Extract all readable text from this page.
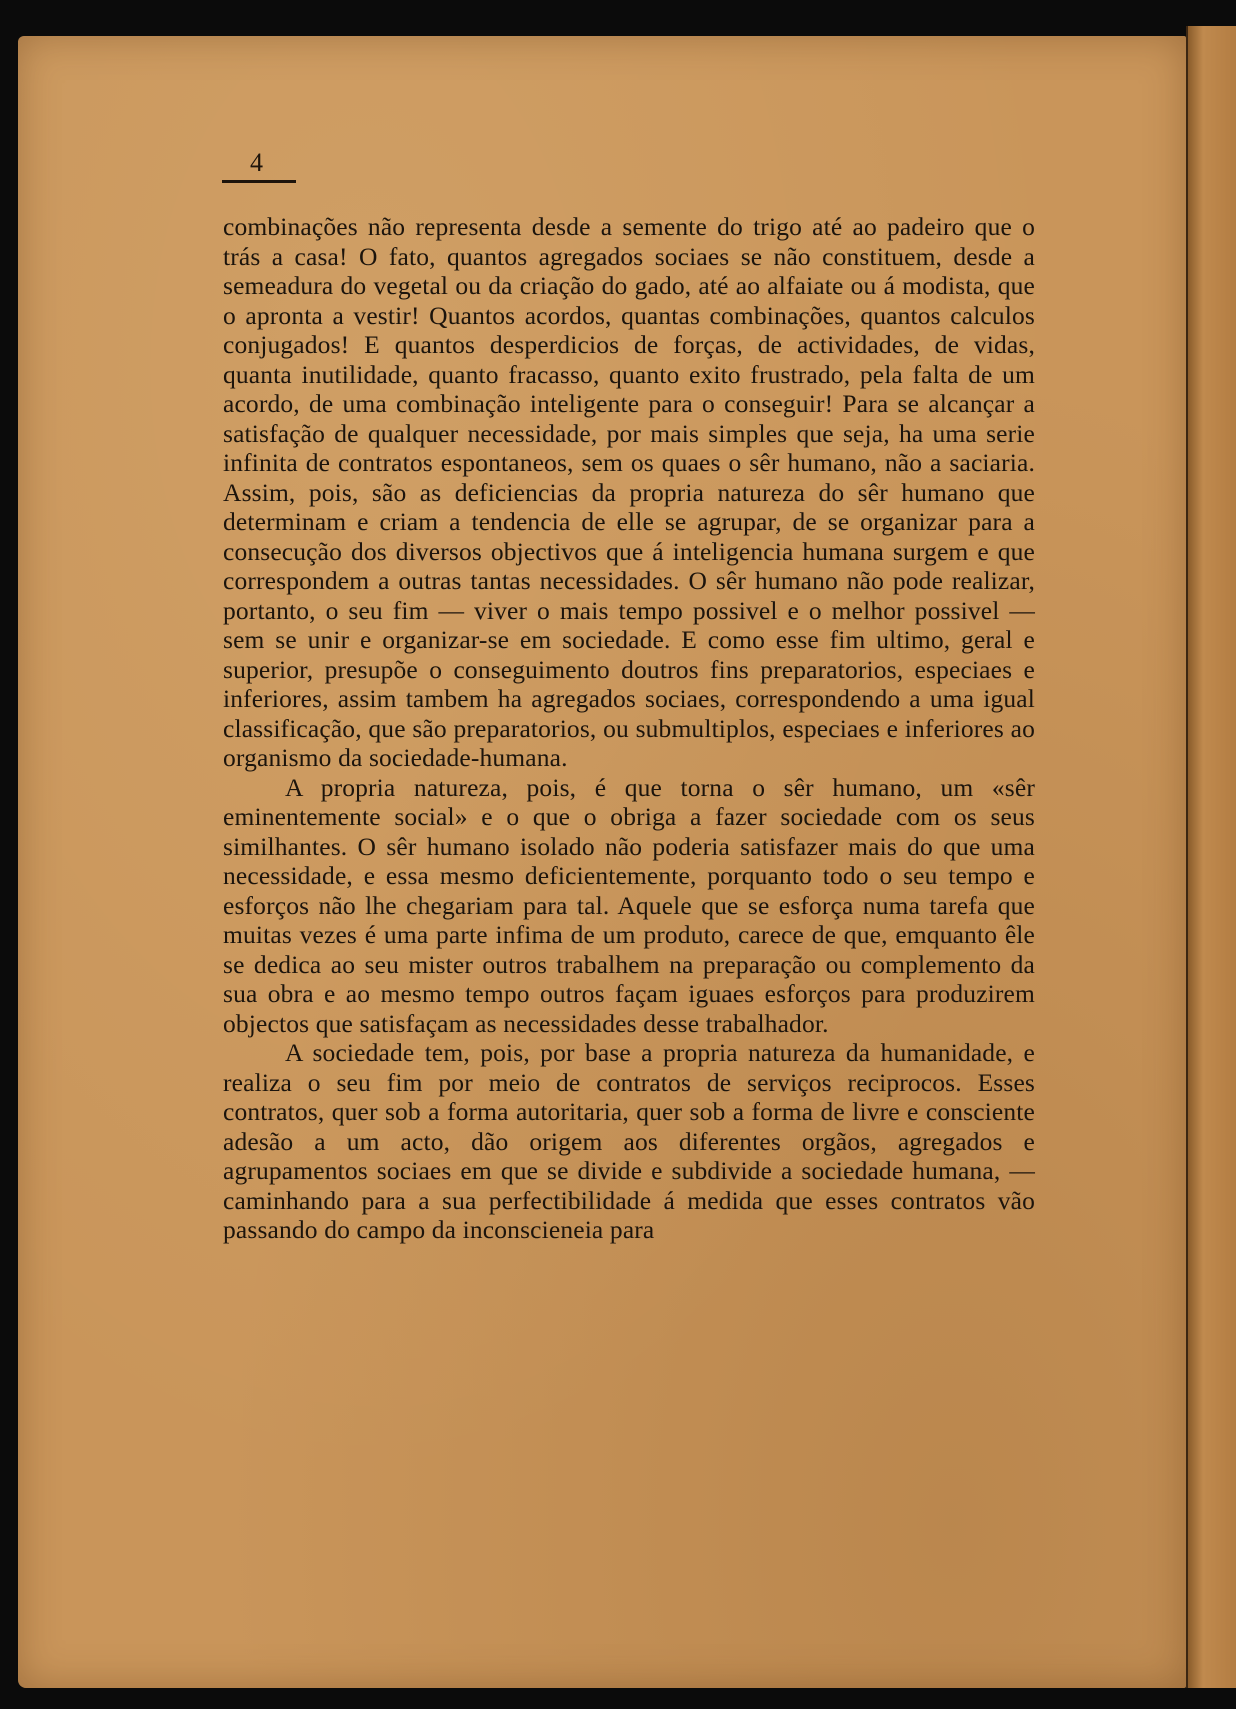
4

combinações não representa desde a semente do trigo até ao padeiro que o trás a casa! O fato, quantos agregados sociaes se não constituem, desde a semeadura do vegetal ou da criação do gado, até ao alfaiate ou á modista, que o apronta a vestir! Quantos acordos, quantas combinações, quantos calculos conjugados! E quantos desperdicios de forças, de actividades, de vidas, quanta inutilidade, quanto fracasso, quanto exito frustrado, pela falta de um acordo, de uma combinação inteligente para o conseguir! Para se alcançar a satisfação de qualquer necessidade, por mais simples que seja, ha uma serie infinita de contratos espontaneos, sem os quaes o sêr humano, não a saciaria. Assim, pois, são as deficiencias da propria natureza do sêr humano que determinam e criam a tendencia de elle se agrupar, de se organizar para a consecução dos diversos objectivos que á inteligencia humana surgem e que correspondem a outras tantas necessidades. O sêr humano não pode realizar, portanto, o seu fim — viver o mais tempo possivel e o melhor possivel — sem se unir e organizar-se em sociedade. E como esse fim ultimo, geral e superior, presupõe o conseguimento doutros fins preparatorios, especiaes e inferiores, assim tambem ha agregados sociaes, correspondendo a uma igual classificação, que são preparatorios, ou submultiplos, especiaes e inferiores ao organismo da sociedade-humana.

A propria natureza, pois, é que torna o sêr humano, um «sêr eminentemente social» e o que o obriga a fazer sociedade com os seus similhantes. O sêr humano isolado não poderia satisfazer mais do que uma necessidade, e essa mesmo deficientemente, porquanto todo o seu tempo e esforços não lhe chegariam para tal. Aquele que se esforça numa tarefa que muitas vezes é uma parte infima de um produto, carece de que, emquanto êle se dedica ao seu mister outros trabalhem na preparação ou complemento da sua obra e ao mesmo tempo outros façam iguaes esforços para produzirem objectos que satisfaçam as necessidades desse trabalhador.

A sociedade tem, pois, por base a propria natureza da humanidade, e realiza o seu fim por meio de contratos de serviços reciprocos. Esses contratos, quer sob a forma autoritaria, quer sob a forma de livre e consciente adesão a um acto, dão origem aos diferentes orgãos, agregados e agrupamentos sociaes em que se divide e subdivide a sociedade humana, — caminhando para a sua perfectibilidade á medida que esses contratos vão passando do campo da inconscieneia para
